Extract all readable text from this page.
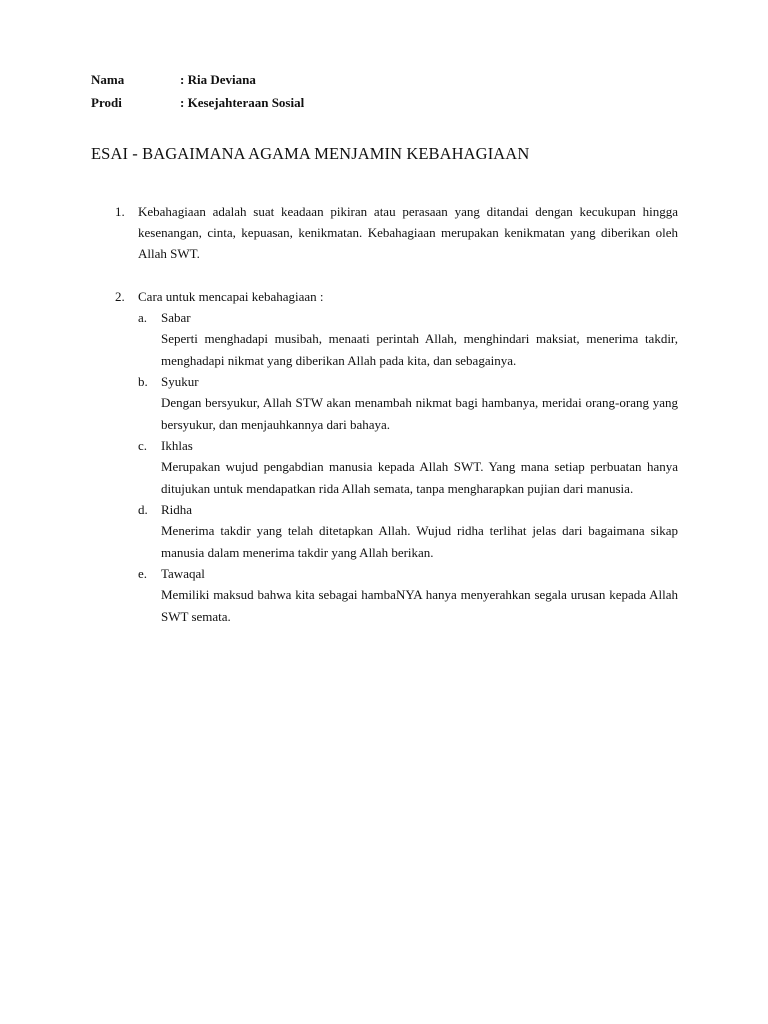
Nama	: Ria Deviana
Prodi	: Kesejahteraan Sosial
ESAI - BAGAIMANA AGAMA MENJAMIN KEBAHAGIAAN
1.	Kebahagiaan adalah suat keadaan pikiran atau perasaan yang ditandai dengan kecukupan hingga kesenangan, cinta, kepuasan, kenikmatan. Kebahagiaan merupakan kenikmatan yang diberikan oleh Allah SWT.
2.	Cara untuk mencapai kebahagiaan :
a.	Sabar
Seperti menghadapi musibah, menaati perintah Allah, menghindari maksiat, menerima takdir, menghadapi nikmat yang diberikan Allah pada kita, dan sebagainya.
b.	Syukur
Dengan bersyukur, Allah STW akan menambah nikmat bagi hambanya, meridai orang-orang yang bersyukur, dan menjauhkannya dari bahaya.
c.	Ikhlas
Merupakan wujud pengabdian manusia kepada Allah SWT. Yang mana setiap perbuatan hanya ditujukan untuk mendapatkan rida Allah semata, tanpa mengharapkan pujian dari manusia.
d.	Ridha
Menerima takdir yang telah ditetapkan Allah. Wujud ridha terlihat jelas dari bagaimana sikap manusia dalam menerima takdir yang Allah berikan.
e.	Tawaqal
Memiliki maksud bahwa kita sebagai hambaNYA hanya menyerahkan segala urusan kepada Allah SWT semata.
